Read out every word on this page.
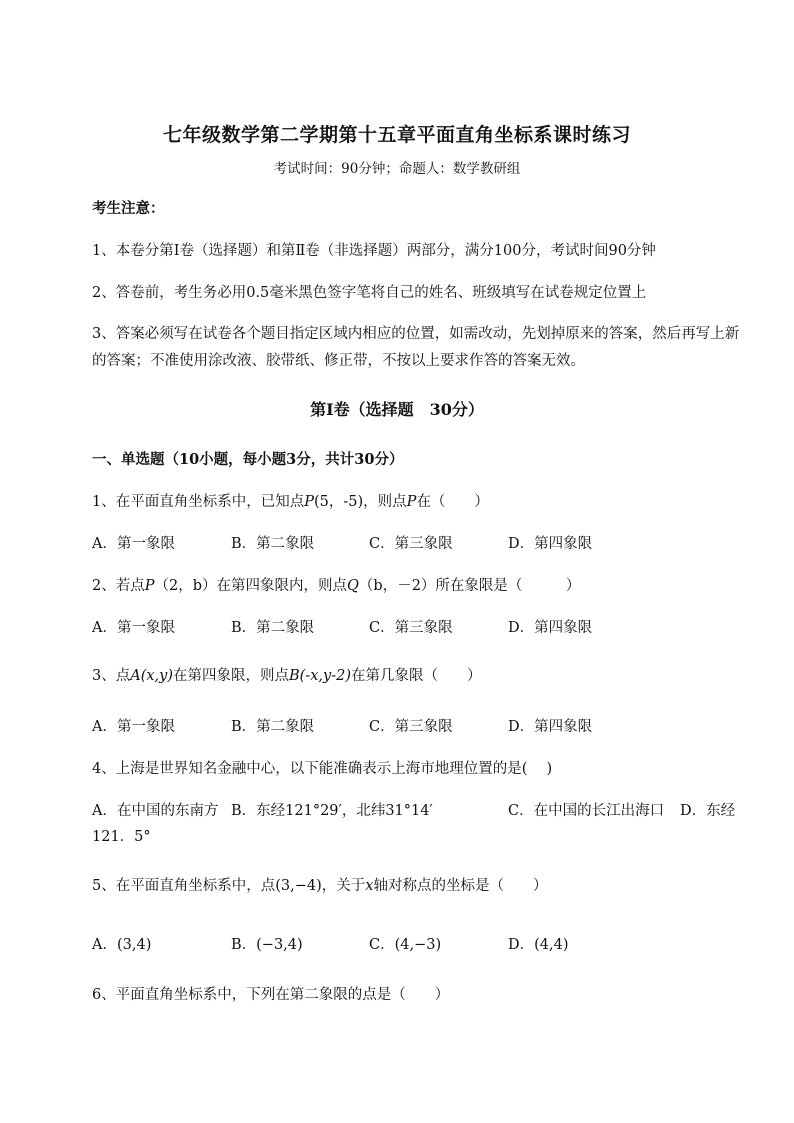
七年级数学第二学期第十五章平面直角坐标系课时练习
考试时间：90分钟；命题人：数学教研组
考生注意：
1、本卷分第I卷（选择题）和第Ⅱ卷（非选择题）两部分，满分100分，考试时间90分钟
2、答卷前，考生务必用0.5毫米黑色签字笔将自己的姓名、班级填写在试卷规定位置上
3、答案必须写在试卷各个题目指定区域内相应的位置，如需改动，先划掉原来的答案，然后再写上新
的答案；不准使用涂改液、胶带纸、修正带，不按以上要求作答的答案无效。
第I卷（选择题　30分）
一、单选题（10小题，每小题3分，共计30分）
1、在平面直角坐标系中，已知点P(5，-5)，则点P在（　　）
A．第一象限	B．第二象限	C．第三象限	D．第四象限
2、若点P（2，b）在第四象限内，则点Q（b，－2）所在象限是（　　　）
A．第一象限	B．第二象限	C．第三象限	D．第四象限
3、点A(x,y)在第四象限，则点B(-x,y-2)在第几象限（　　）
A．第一象限	B．第二象限	C．第三象限	D．第四象限
4、上海是世界知名金融中心，以下能准确表示上海市地理位置的是(　 )
A．在中国的东南方 B．东经121°29′，北纬31°14′	C．在中国的长江出海口 D．东经
121．5°
5、在平面直角坐标系中，点(3,−4)，关于x轴对称点的坐标是（　　）
A．(3,4)	B．(−3,4)	C．(4,−3)	D．(4,4)
6、平面直角坐标系中，下列在第二象限的点是（　　）
